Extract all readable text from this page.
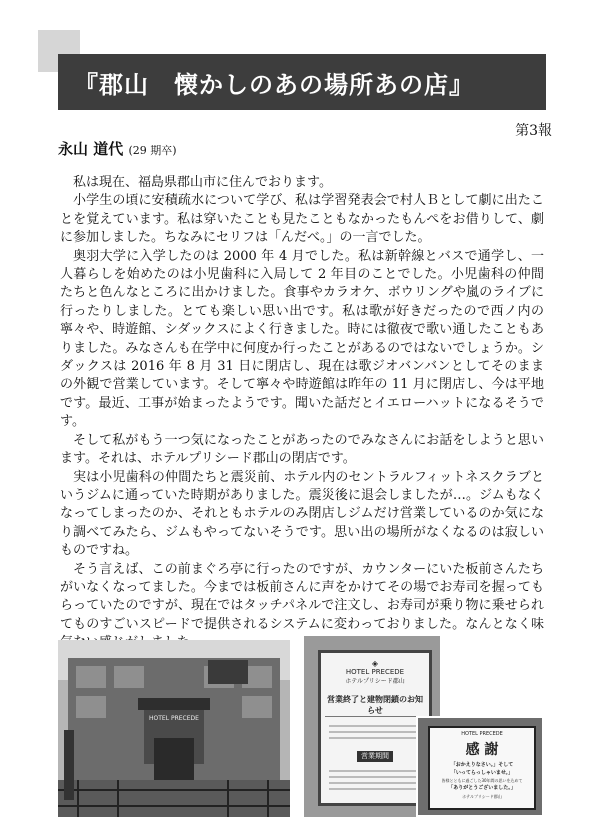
『郡山　懐かしのあの場所あの店』
第3報
永山 道代 (29 期卒)

私は現在、福島県郡山市に住んでおります。

小学生の頃に安積疏水について学び、私は学習発表会で村人Ｂとして劇に出たことを覚えています。私は穿いたことも見たこともなかったもんぺをお借りして、劇に参加しました。ちなみにセリフは「んだべ。」の一言でした。

奥羽大学に入学したのは 2000 年 4 月でした。私は新幹線とバスで通学し、一人暮らしを始めたのは小児歯科に入局して 2 年目のことでした。小児歯科の仲間たちと色んなところに出かけました。食事やカラオケ、ボウリングや嵐のライブに行ったりしました。とても楽しい思い出です。私は歌が好きだったので西ノ内の寧々や、時遊館、シダックスによく行きました。時には徹夜で歌い通したこともありました。みなさんも在学中に何度か行ったことがあるのではないでしょうか。シダックスは 2016 年 8 月 31 日に閉店し、現在は歌ジオバンバンとしてそのままの外観で営業しています。そして寧々や時遊館は昨年の 11 月に閉店し、今は平地です。最近、工事が始まったようです。聞いた話だとイエローハットになるそうです。

そして私がもう一つ気になったことがあったのでみなさんにお話をしようと思います。それは、ホテルプリシード郡山の閉店です。

実は小児歯科の仲間たちと震災前、ホテル内のセントラルフィットネスクラブというジムに通っていた時期がありました。震災後に退会しましたが…。ジムもなくなってしまったのか、それともホテルのみ閉店しジムだけ営業しているのか気になり調べてみたら、ジムもやってないそうです。思い出の場所がなくなるのは寂しいものですね。

そう言えば、この前まぐろ亭に行ったのですが、カウンターにいた板前さんたちがいなくなってました。今までは板前さんに声をかけてその場でお寿司を握ってもらっていたのですが、現在ではタッチパネルで注文し、お寿司が乗り物に乗せられてものすごいスピードで提供されるシステムに変わっておりました。なんとなく味

HOTEL PRECEDE
◈
HOTEL PRECEDE
ホテルプリシード郡山
営業終了と建物閉鎖のお知らせ
営業期間
HOTEL PRECEDE
感 謝
「おかえりなさい。」そして
「いってらっしゃいませ。」
皆様とともに過ごした30年間の思いを込めて
「ありがとうございました。」
ホテルプリシード郡山
